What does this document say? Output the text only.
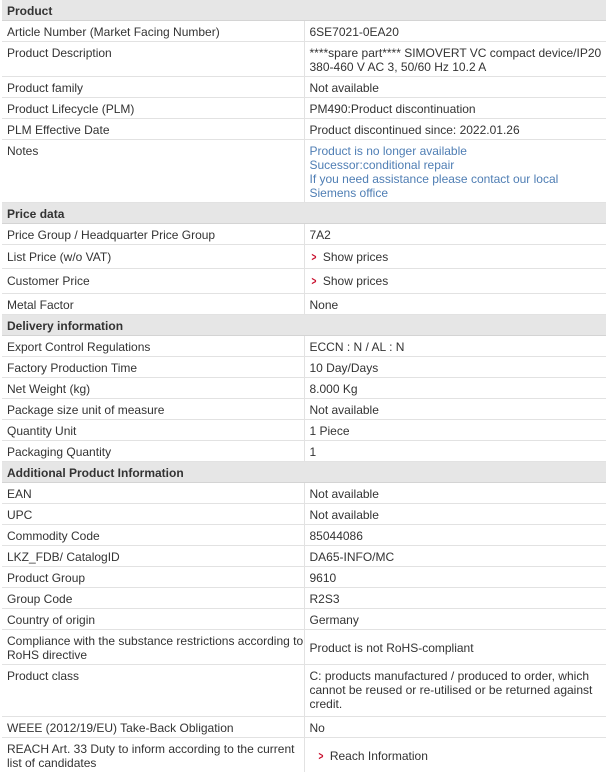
Product	
Article Number (Market Facing Number)	6SE7021-0EA20
Product Description	****spare part**** SIMOVERT VC compact device/IP20 380-460 V AC 3, 50/60 Hz 10.2 A
Product family	Not available
Product Lifecycle (PLM)	PM490:Product discontinuation
PLM Effective Date	Product discontinued since: 2022.01.26
Notes	Product is no longer available
Sucessor:conditional repair
If you need assistance please contact our local Siemens office

Price data	
Price Group / Headquarter Price Group	7A2
List Price (w/o VAT)	> Show prices
Customer Price	> Show prices
Metal Factor	None
Delivery information	
Export Control Regulations	ECCN : N / AL : N
Factory Production Time	10 Day/Days
Net Weight (kg)	8.000 Kg
Package size unit of measure	Not available
Quantity Unit	1 Piece
Packaging Quantity	1
Additional Product Information	
EAN	Not available
UPC	Not available
Commodity Code	85044086
LKZ_FDB/ CatalogID	DA65-INFO/MC
Product Group	9610
Group Code	R2S3
Country of origin	Germany
Compliance with the substance restrictions according to RoHS directive	Product is not RoHS-compliant
Product class	C: products manufactured / produced to order, which cannot be reused or re-utilised or be returned against credit.
WEEE (2012/19/EU) Take-Back Obligation	No
REACH Art. 33 Duty to inform according to the current list of candidates	> Reach Information
